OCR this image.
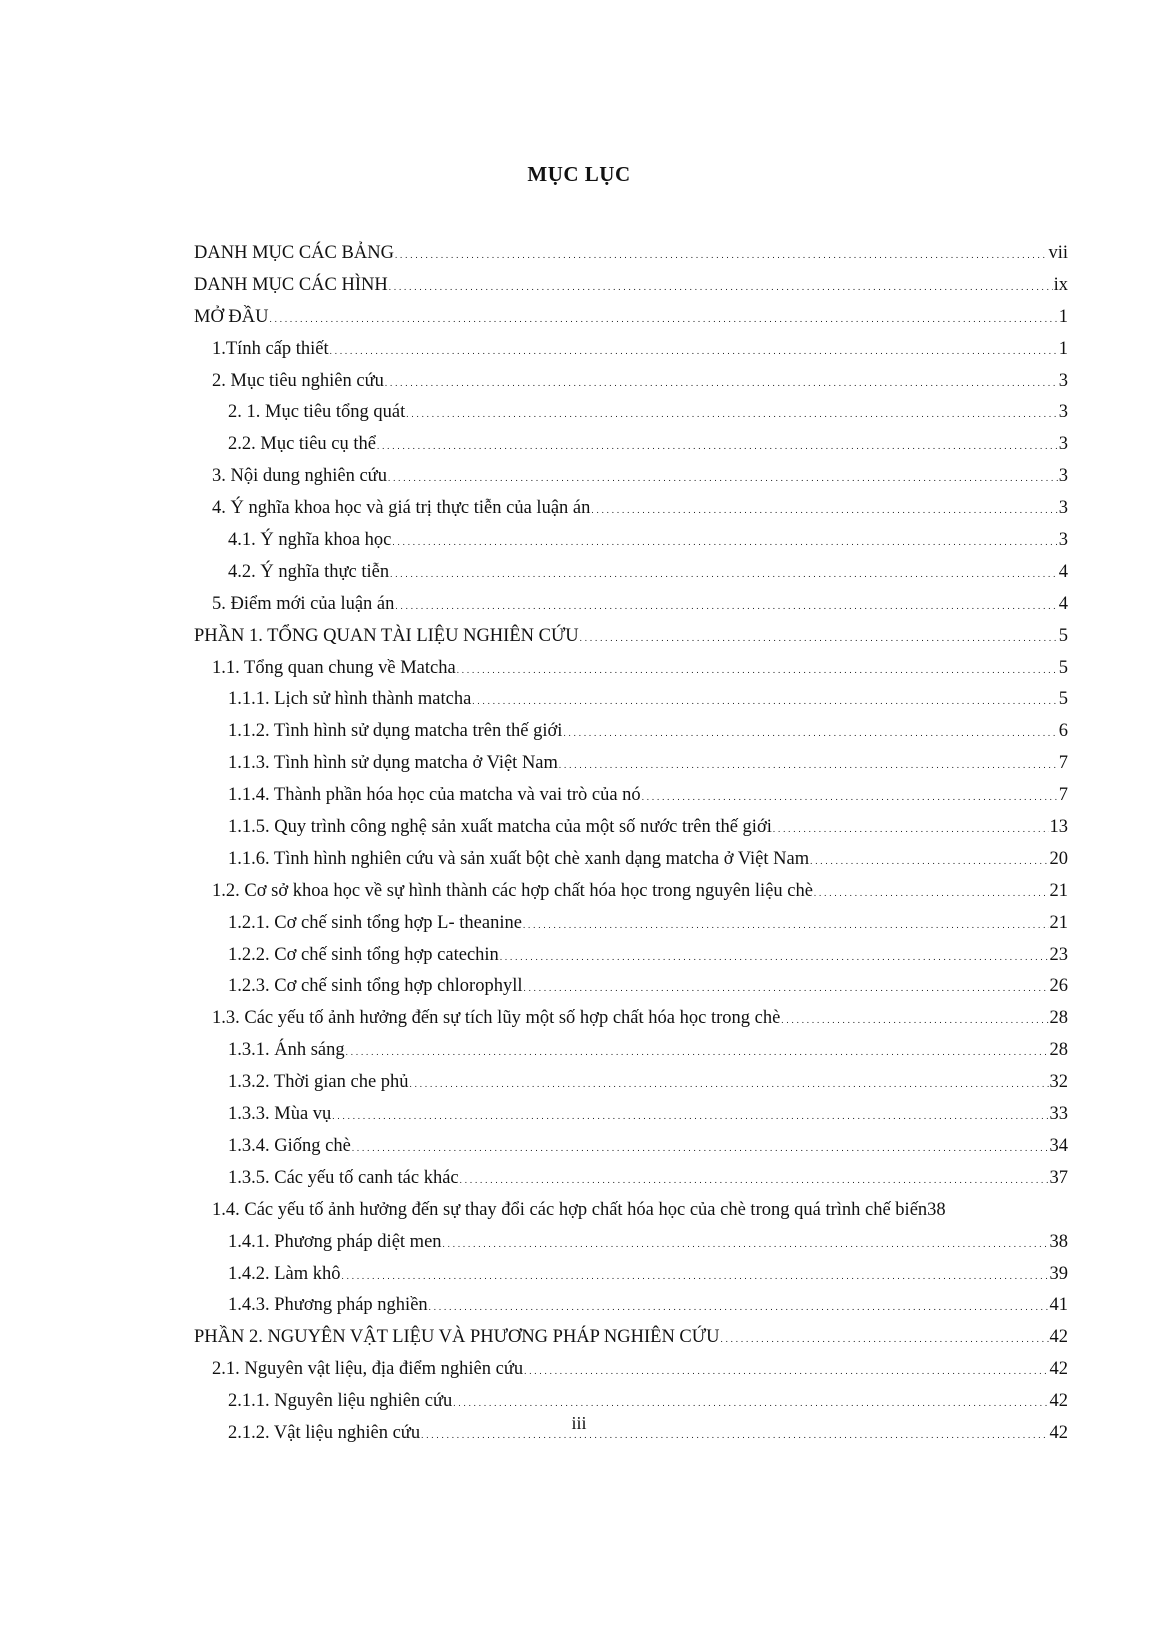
MỤC LỤC
DANH MỤC CÁC BẢNG . . .	vii
DANH MỤC CÁC HÌNH . . .	ix
MỞ ĐẦU . . .	1
1.Tính cấp thiết . . .	1
2. Mục tiêu nghiên cứu . . .	3
2. 1. Mục tiêu tổng quát . . .	3
2.2. Mục tiêu cụ thể . . .	3
3. Nội dung nghiên cứu . . .	3
4. Ý nghĩa khoa học và giá trị thực tiễn của luận án . . .	3
4.1. Ý nghĩa khoa học . . .	3
4.2. Ý nghĩa thực tiễn . . .	4
5. Điểm mới của luận án . . .	4
PHẦN 1. TỔNG QUAN TÀI LIỆU NGHIÊN CỨU . . .	5
1.1. Tổng quan chung về Matcha . . .	5
1.1.1. Lịch sử hình thành matcha . . .	5
1.1.2. Tình hình sử dụng matcha trên thế giới . . .	6
1.1.3. Tình hình sử dụng matcha ở Việt Nam . . .	7
1.1.4. Thành phần hóa học của matcha và vai trò của nó . . .	7
1.1.5. Quy trình công nghệ sản xuất matcha của một số nước trên thế giới . . .	13
1.1.6. Tình hình nghiên cứu và sản xuất bột chè xanh dạng matcha ở Việt Nam . . .	20
1.2. Cơ sở khoa học về sự hình thành các hợp chất hóa học trong nguyên liệu chè . . .	21
1.2.1. Cơ chế sinh tổng hợp L- theanine . . .	21
1.2.2. Cơ chế sinh tổng hợp catechin . . .	23
1.2.3. Cơ chế sinh tổng hợp chlorophyll . . .	26
1.3. Các yếu tố ảnh hưởng đến sự tích lũy một số hợp chất hóa học trong chè . . .	28
1.3.1. Ánh sáng . . .	28
1.3.2. Thời gian che phủ . . .	32
1.3.3. Mùa vụ . . .	33
1.3.4. Giống chè . . .	34
1.3.5. Các yếu tố canh tác khác . . .	37
1.4. Các yếu tố ảnh hưởng đến sự thay đổi các hợp chất hóa học của chè trong quá trình chế biến38
1.4.1. Phương pháp diệt men . . .	38
1.4.2. Làm khô . . .	39
1.4.3. Phương pháp nghiền . . .	41
PHẦN 2. NGUYÊN VẬT LIỆU VÀ PHƯƠNG PHÁP NGHIÊN CỨU . . .	42
2.1. Nguyên vật liệu, địa điểm nghiên cứu . . .	42
2.1.1. Nguyên liệu nghiên cứu . . .	42
2.1.2. Vật liệu nghiên cứu . . .	42
iii
